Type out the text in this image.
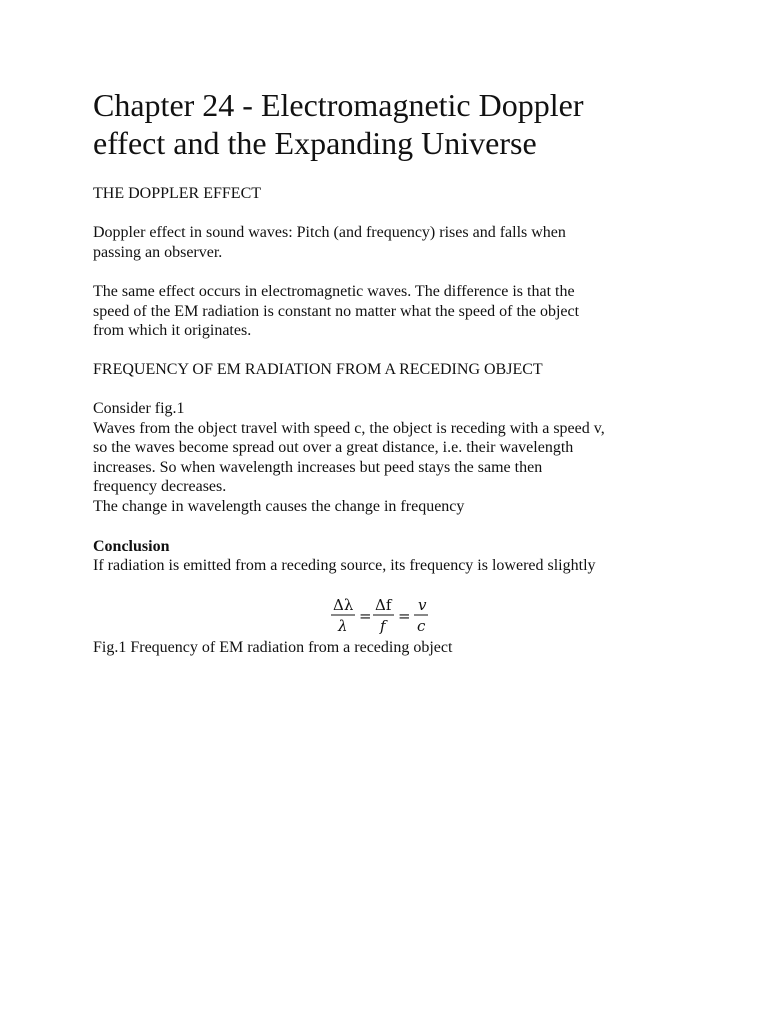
Chapter 24 - Electromagnetic Doppler
effect and the Expanding Universe

THE DOPPLER EFFECT

Doppler effect in sound waves: Pitch (and frequency) rises and falls when
passing an observer.

The same effect occurs in electromagnetic waves. The difference is that the
speed of the EM radiation is constant no matter what the speed of the object
from which it originates.

FREQUENCY OF EM RADIATION FROM A RECEDING OBJECT

Consider fig.1
Waves from the object travel with speed c, the object is receding with a speed v,
so the waves become spread out over a great distance, i.e. their wavelength
increases. So when wavelength increases but peed stays the same then
frequency decreases.
The change in wavelength causes the change in frequency

Conclusion

If radiation is emitted from a receding source, its frequency is lowered slightly

Δλ
λ
=
Δf
f
=
v
c

Fig.1 Frequency of EM radiation from a receding object
